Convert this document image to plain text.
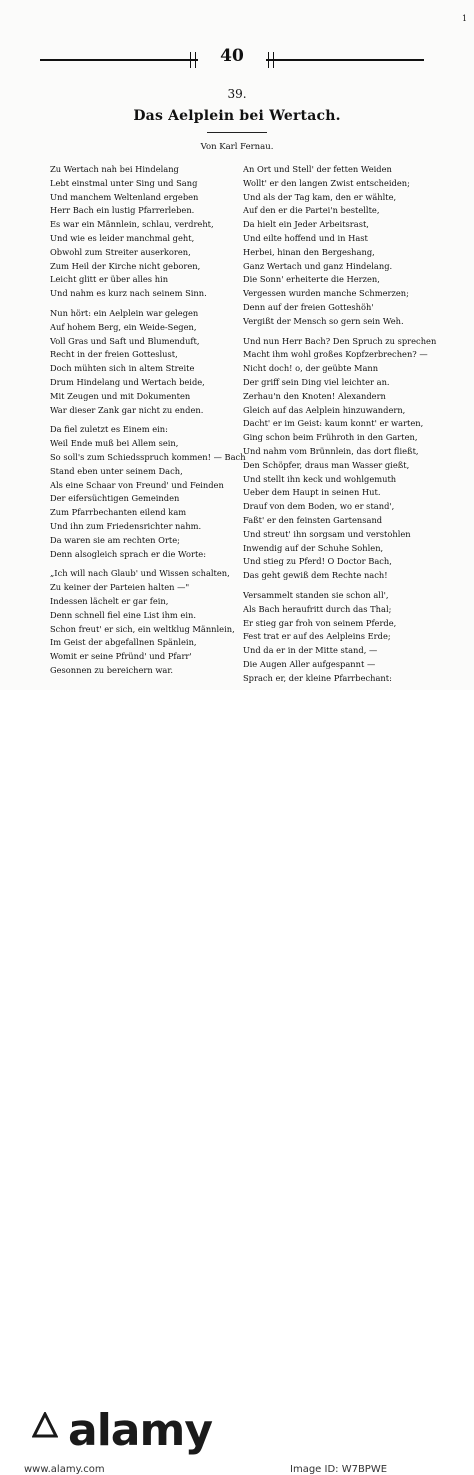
1
40
39.
Das Aelplein bei Wertach.
Von Karl Fernau.
Zu Wertach nah bei Hindelang
Lebt einstmal unter Sing und Sang
Und manchem Weltenland ergeben
Herr Bach ein lustig Pfarrerleben.
Es war ein Männlein, schlau, verdreht,
Und wie es leider manchmal geht,
Obwohl zum Streiter auserkoren,
Zum Heil der Kirche nicht geboren,
Leicht glitt er über alles hin
Und nahm es kurz nach seinem Sinn.
Nun hört: ein Aelplein war gelegen
Auf hohem Berg, ein Weide-Segen,
Voll Gras und Saft und Blumenduft,
Recht in der freien Gotteslust,
Doch mühten sich in altem Streite
Drum Hindelang und Wertach beide,
Mit Zeugen und mit Dokumenten
War dieser Zank gar nicht zu enden.
Da fiel zuletzt es Einem ein:
Weil Ende muß bei Allem sein,
So soll's zum Schiedsspruch kommen! — Bach
Stand eben unter seinem Dach,
Als eine Schaar von Freund' und Feinden
Der eifersüchtigen Gemeinden
Zum Pfarrbechanten eilend kam
Und ihn zum Friedensrichter nahm.
Da waren sie am rechten Orte;
Denn alsogleich sprach er die Worte:
„Ich will nach Glaub' und Wissen schalten,
Zu keiner der Parteien halten —"
Indessen lächelt er gar fein,
Denn schnell fiel eine List ihm ein.
Schon freut' er sich, ein weltklug Männlein,
Im Geist der abgefallnen Spänlein,
Womit er seine Pfründ' und Pfarr'
Gesonnen zu bereichern war.
An Ort und Stell' der fetten Weiden
Wollt' er den langen Zwist entscheiden;
Und als der Tag kam, den er wählte,
Auf den er die Partei'n bestellte,
Da hielt ein Jeder Arbeitsrast,
Und eilte hoffend und in Hast
Herbei, hinan den Bergeshang,
Ganz Wertach und ganz Hindelang.
Die Sonn' erheiterte die Herzen,
Vergessen wurden manche Schmerzen;
Denn auf der freien Gotteshöh'
Vergißt der Mensch so gern sein Weh.
Und nun Herr Bach? Den Spruch zu sprechen
Macht ihm wohl großes Kopfzerbrechen? —
Nicht doch! o, der geübte Mann
Der griff sein Ding viel leichter an.
Zerhau'n den Knoten! Alexandern
Gleich auf das Aelplein hinzuwandern,
Dacht' er im Geist: kaum konnt' er warten,
Ging schon beim Frühroth in den Garten,
Und nahm vom Brünnlein, das dort fließt,
Den Schöpfer, draus man Wasser gießt,
Und stellt ihn keck und wohlgemuth
Ueber dem Haupt in seinen Hut.
Drauf von dem Boden, wo er stand',
Faßt' er den feinsten Gartensand
Und streut' ihn sorgsam und verstohlen
Inwendig auf der Schuhe Sohlen,
Und stieg zu Pferd! O Doctor Bach,
Das geht gewiß dem Rechte nach!
Versammelt standen sie schon all',
Als Bach heraufritt durch das Thal;
Er stieg gar froh von seinem Pferde,
Fest trat er auf des Aelpleins Erde;
Und da er in der Mitte stand, —
Die Augen Aller aufgespannt —
Sprach er, der kleine Pfarrbechant:
alamy
www.alamy.com	Image ID: W7BPWE
